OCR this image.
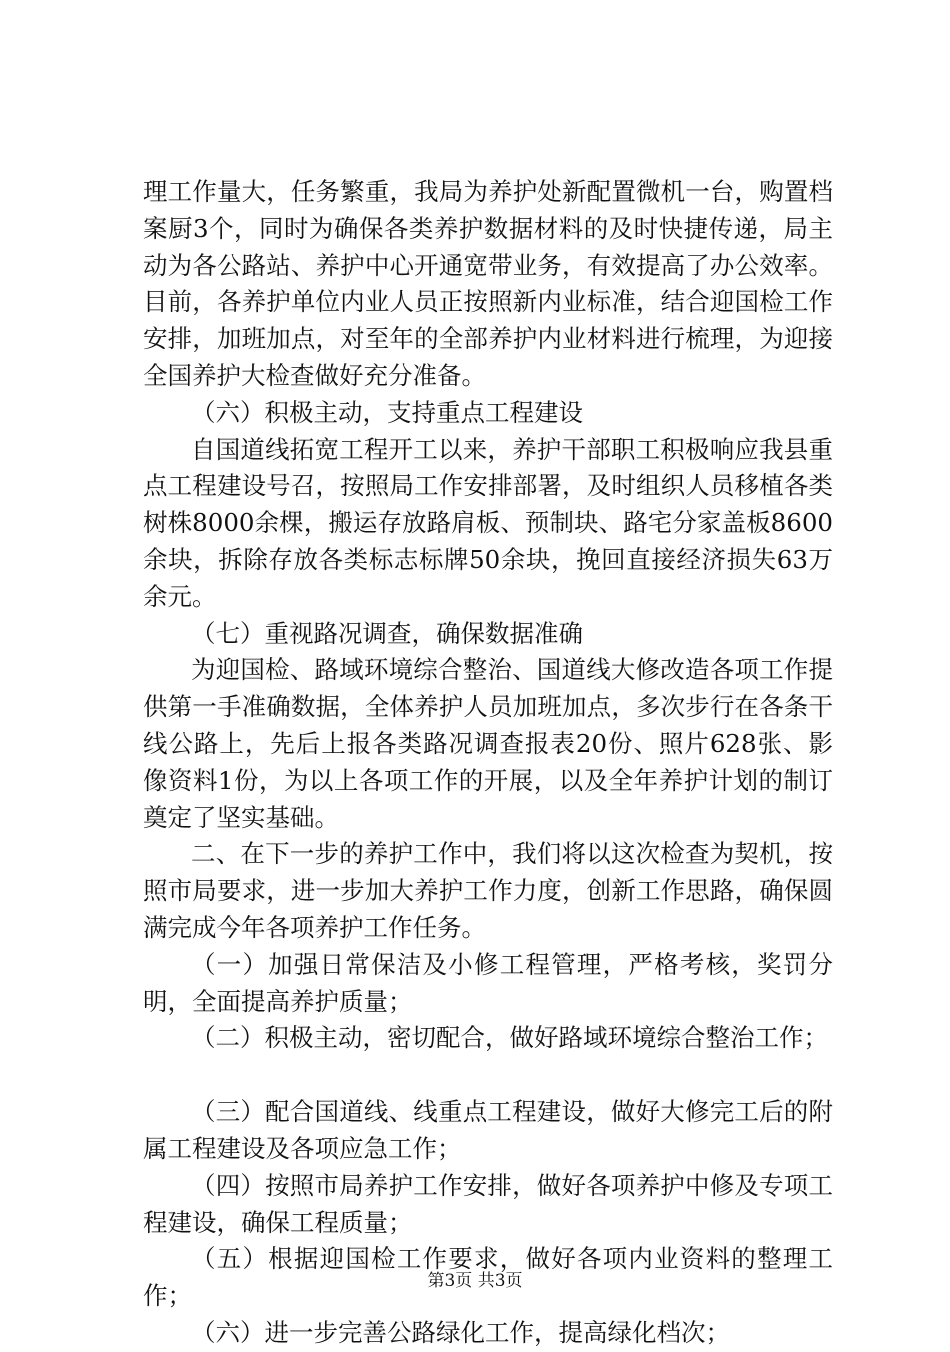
理工作量大，任务繁重，我局为养护处新配置微机一台，购置档案厨3个，同时为确保各类养护数据材料的及时快捷传递，局主动为各公路站、养护中心开通宽带业务，有效提高了办公效率。目前，各养护单位内业人员正按照新内业标准，结合迎国检工作安排，加班加点，对至年的全部养护内业材料进行梳理，为迎接全国养护大检查做好充分准备。

（六）积极主动，支持重点工程建设

自国道线拓宽工程开工以来，养护干部职工积极响应我县重点工程建设号召，按照局工作安排部署，及时组织人员移植各类树株8000余棵，搬运存放路肩板、预制块、路宅分家盖板8600余块，拆除存放各类标志标牌50余块，挽回直接经济损失63万余元。

（七）重视路况调查，确保数据准确

为迎国检、路域环境综合整治、国道线大修改造各项工作提供第一手准确数据，全体养护人员加班加点，多次步行在各条干线公路上，先后上报各类路况调查报表20份、照片628张、影像资料1份，为以上各项工作的开展，以及全年养护计划的制订奠定了坚实基础。

二、在下一步的养护工作中，我们将以这次检查为契机，按照市局要求，进一步加大养护工作力度，创新工作思路，确保圆满完成今年各项养护工作任务。

（一）加强日常保洁及小修工程管理，严格考核，奖罚分明，全面提高养护质量；

（二）积极主动，密切配合，做好路域环境综合整治工作；

（三）配合国道线、线重点工程建设，做好大修完工后的附属工程建设及各项应急工作；

（四）按照市局养护工作安排，做好各项养护中修及专项工程建设，确保工程质量；

（五）根据迎国检工作要求，做好各项内业资料的整理工作；

（六）进一步完善公路绿化工作，提高绿化档次；

第3页 共3页
